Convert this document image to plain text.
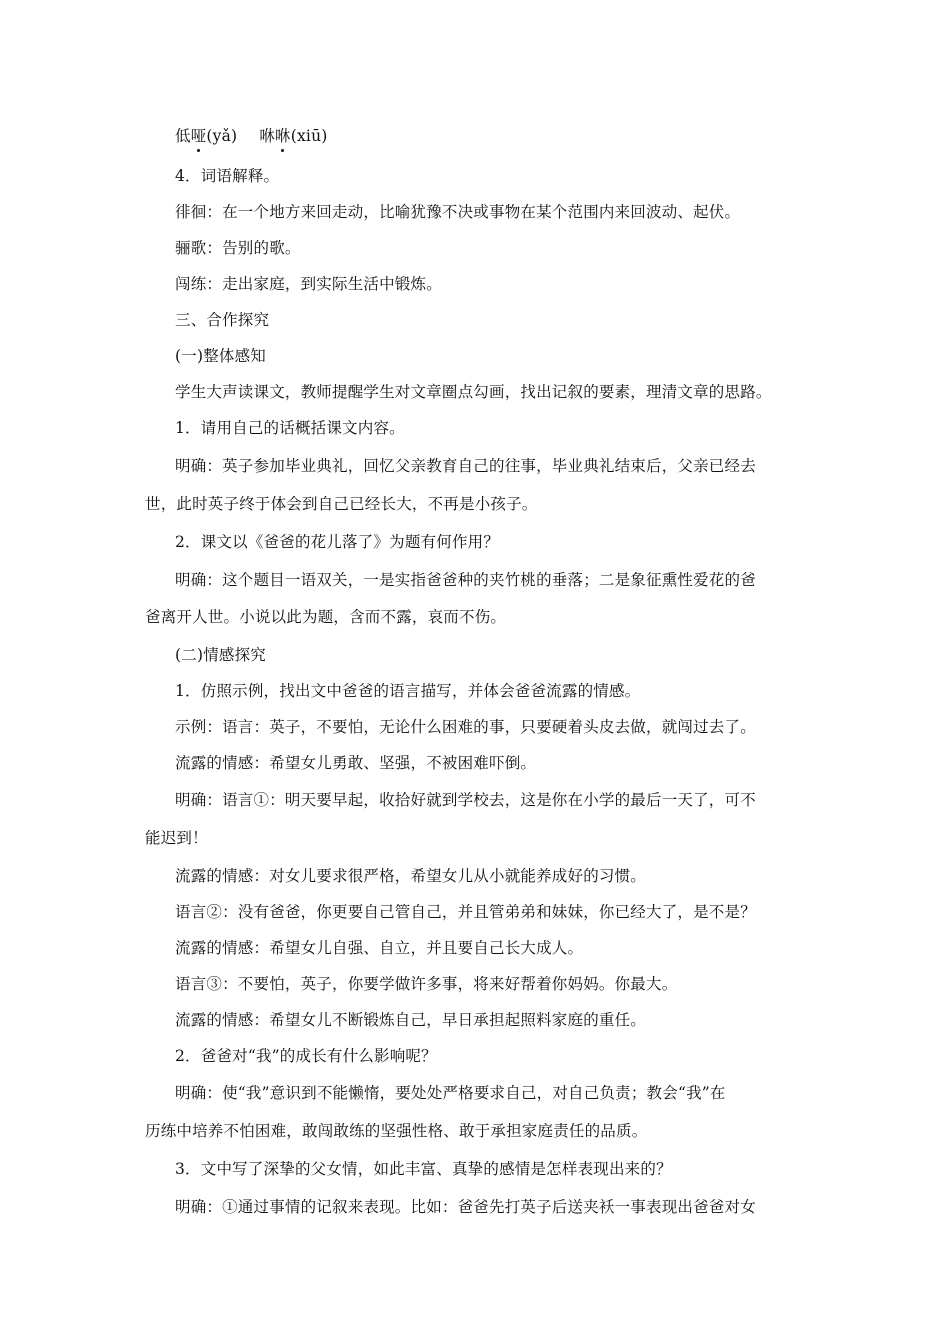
低哑(yǎ) 咻咻(xiū)
4．词语解释。
徘徊：在一个地方来回走动，比喻犹豫不决或事物在某个范围内来回波动、起伏。
骊歌：告别的歌。
闯练：走出家庭，到实际生活中锻炼。
三、合作探究
(一)整体感知
学生大声读课文，教师提醒学生对文章圈点勾画，找出记叙的要素，理清文章的思路。
1．请用自己的话概括课文内容。
明确：英子参加毕业典礼，回忆父亲教育自己的往事，毕业典礼结束后，父亲已经去
世，此时英子终于体会到自己已经长大，不再是小孩子。
2．课文以《爸爸的花儿落了》为题有何作用？
明确：这个题目一语双关，一是实指爸爸种的夹竹桃的垂落；二是象征熏性爱花的爸
爸离开人世。小说以此为题，含而不露，哀而不伤。
(二)情感探究
1．仿照示例，找出文中爸爸的语言描写，并体会爸爸流露的情感。
示例：语言：英子，不要怕，无论什么困难的事，只要硬着头皮去做，就闯过去了。
流露的情感：希望女儿勇敢、坚强，不被困难吓倒。
明确：语言①：明天要早起，收拾好就到学校去，这是你在小学的最后一天了，可不
能迟到！
流露的情感：对女儿要求很严格，希望女儿从小就能养成好的习惯。
语言②：没有爸爸，你更要自己管自己，并且管弟弟和妹妹，你已经大了，是不是？
流露的情感：希望女儿自强、自立，并且要自己长大成人。
语言③：不要怕，英子，你要学做许多事，将来好帮着你妈妈。你最大。
流露的情感：希望女儿不断锻炼自己，早日承担起照料家庭的重任。
2．爸爸对“我”的成长有什么影响呢？
明确：使“我”意识到不能懒惰，要处处严格要求自己，对自己负责；教会“我”在
历练中培养不怕困难，敢闯敢练的坚强性格、敢于承担家庭责任的品质。
3．文中写了深挚的父女情，如此丰富、真挚的感情是怎样表现出来的？
明确：①通过事情的记叙来表现。比如：爸爸先打英子后送夹袄一事表现出爸爸对女
